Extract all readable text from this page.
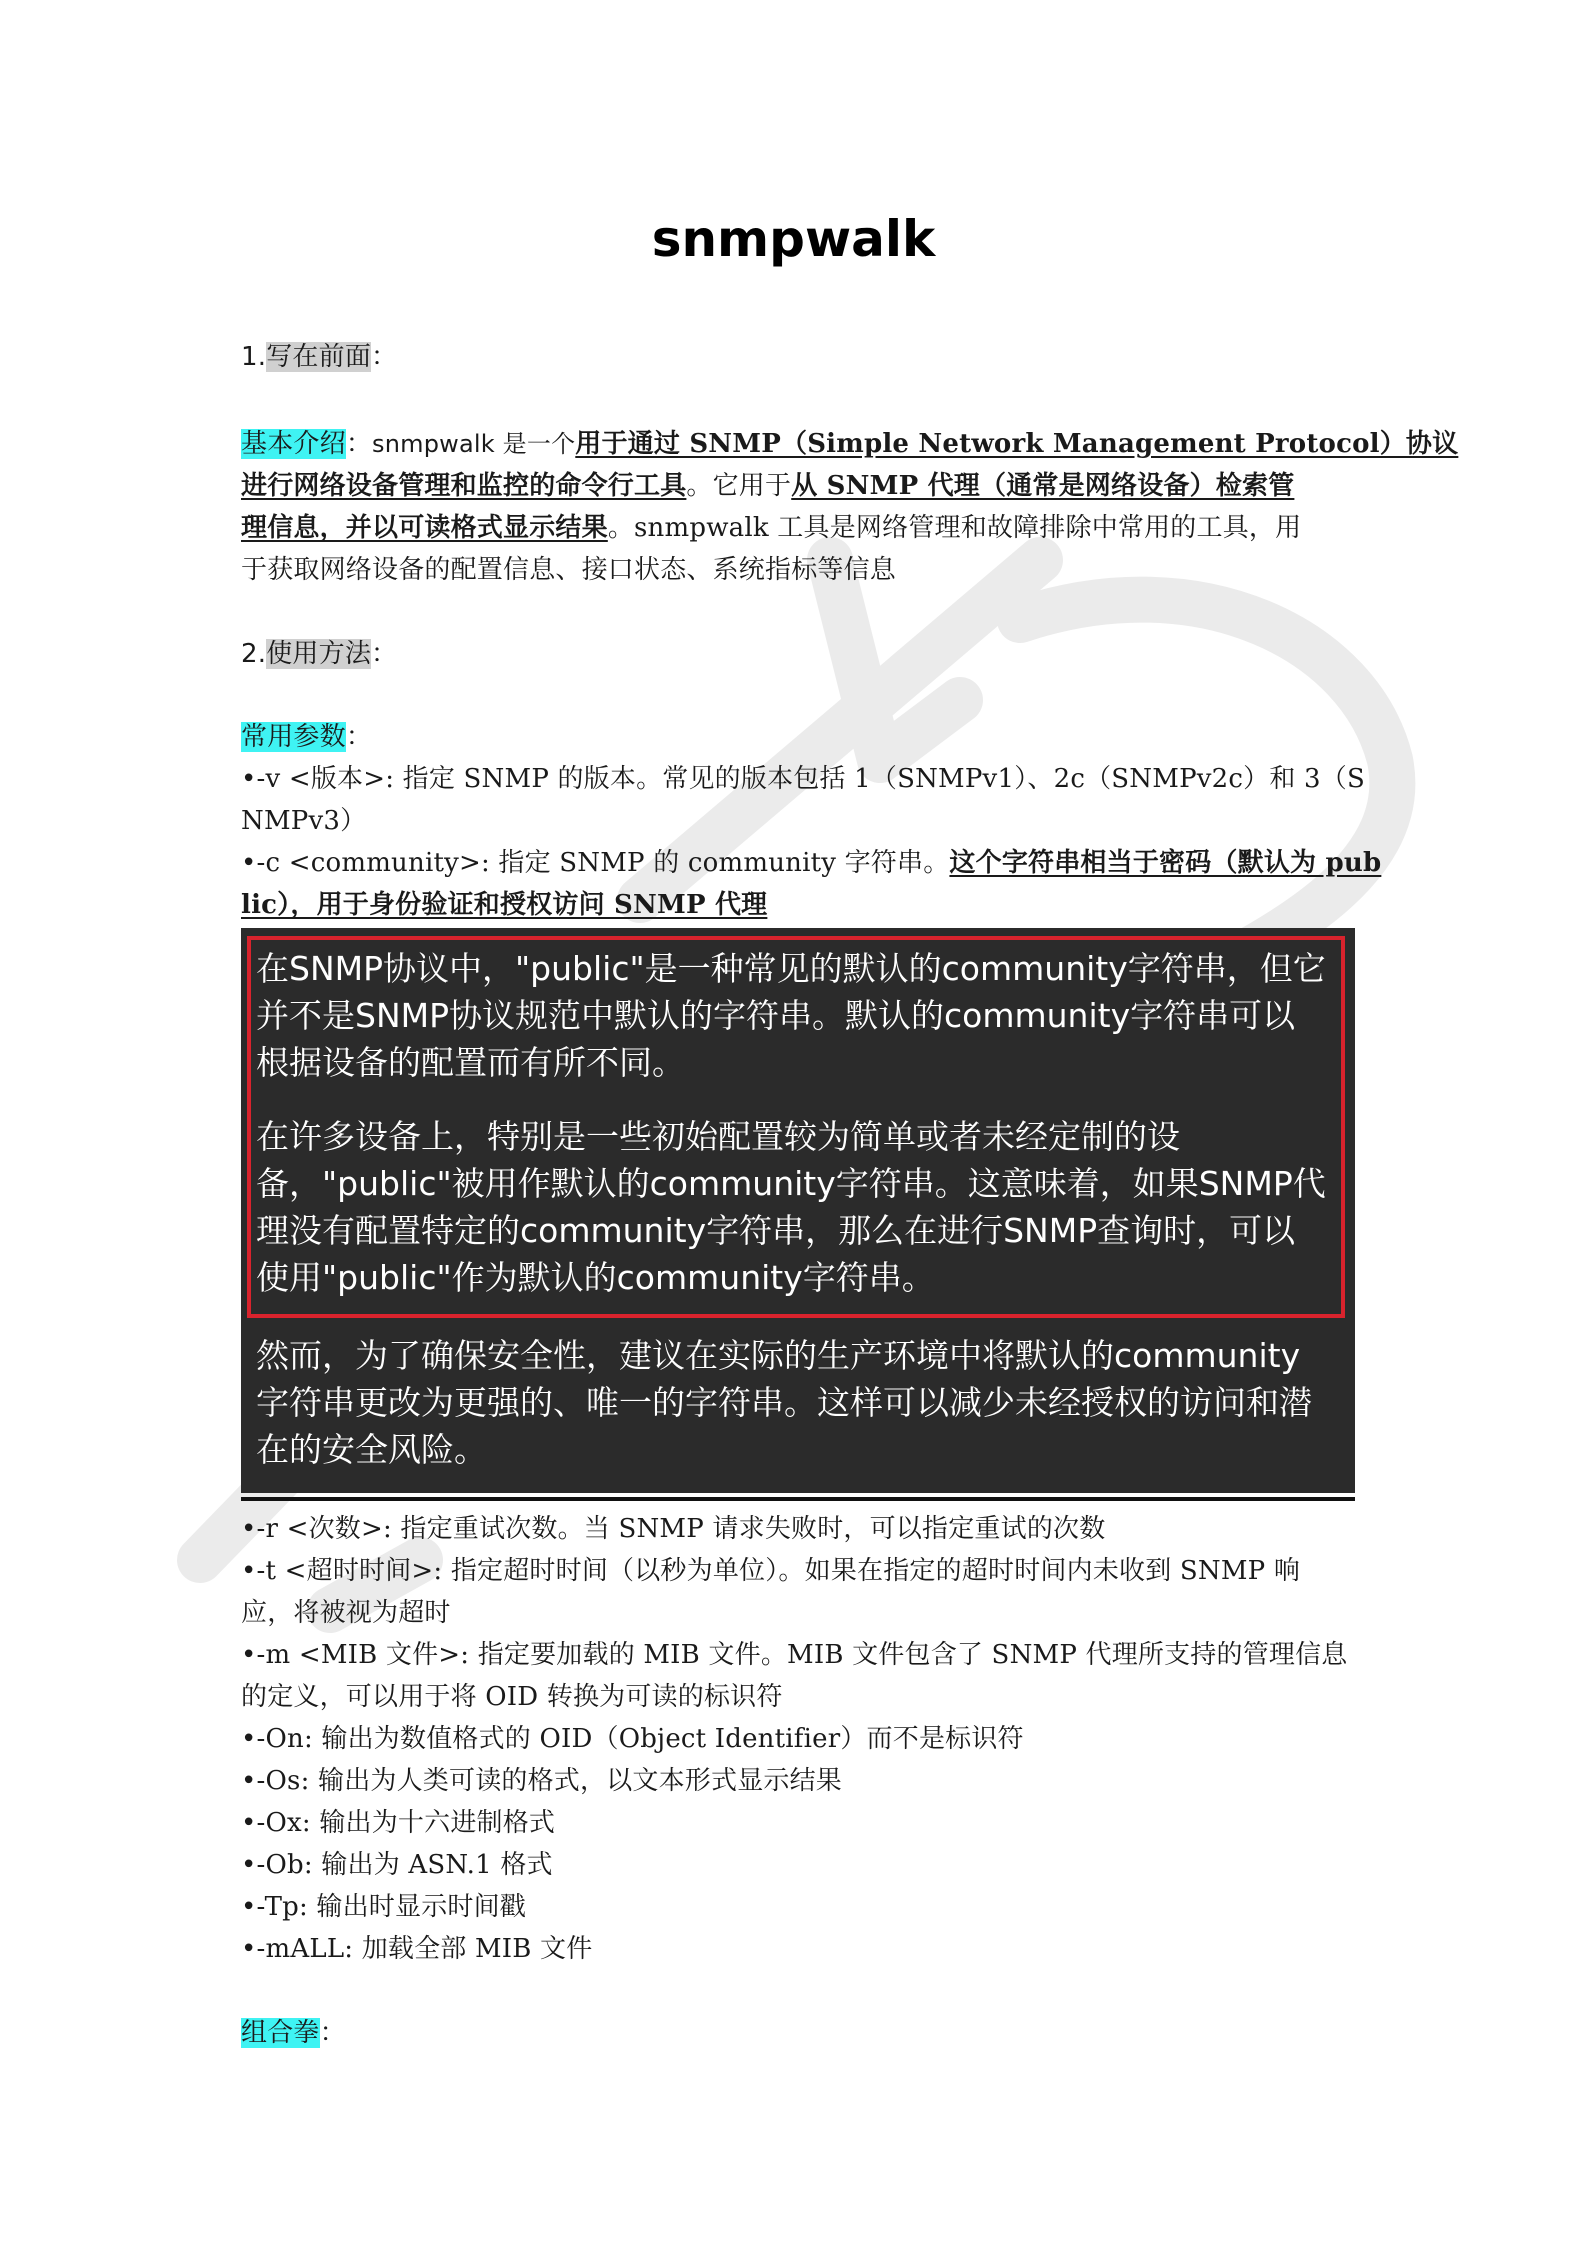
snmpwalk
1.写在前面：
基本介绍：snmpwalk 是一个用于通过 SNMP（Simple Network Management Protocol）协议
进行网络设备管理和监控的命令行工具。它用于从 SNMP 代理（通常是网络设备）检索管
理信息，并以可读格式显示结果。snmpwalk 工具是网络管理和故障排除中常用的工具，用
于获取网络设备的配置信息、接口状态、系统指标等信息
2.使用方法：
常用参数：
•-v <版本>: 指定 SNMP 的版本。常见的版本包括 1（SNMPv1）、2c（SNMPv2c）和 3（S
NMPv3）
•-c <community>: 指定 SNMP 的 community 字符串。这个字符串相当于密码（默认为 pub
lic），用于身份验证和授权访问 SNMP 代理
在SNMP协议中，"public"是一种常见的默认的community字符串，但它
并不是SNMP协议规范中默认的字符串。默认的community字符串可以
根据设备的配置而有所不同。
在许多设备上，特别是一些初始配置较为简单或者未经定制的设
备，"public"被用作默认的community字符串。这意味着，如果SNMP代
理没有配置特定的community字符串，那么在进行SNMP查询时，可以
使用"public"作为默认的community字符串。
然而，为了确保安全性，建议在实际的生产环境中将默认的community
字符串更改为更强的、唯一的字符串。这样可以减少未经授权的访问和潜
在的安全风险。
•-r <次数>: 指定重试次数。当 SNMP 请求失败时，可以指定重试的次数
•-t <超时时间>: 指定超时时间（以秒为单位）。如果在指定的超时时间内未收到 SNMP 响
应，将被视为超时
•-m <MIB 文件>: 指定要加载的 MIB 文件。MIB 文件包含了 SNMP 代理所支持的管理信息
的定义，可以用于将 OID 转换为可读的标识符
•-On: 输出为数值格式的 OID（Object Identifier）而不是标识符
•-Os: 输出为人类可读的格式，以文本形式显示结果
•-Ox: 输出为十六进制格式
•-Ob: 输出为 ASN.1 格式
•-Tp: 输出时显示时间戳
•-mALL: 加载全部 MIB 文件
组合拳：
